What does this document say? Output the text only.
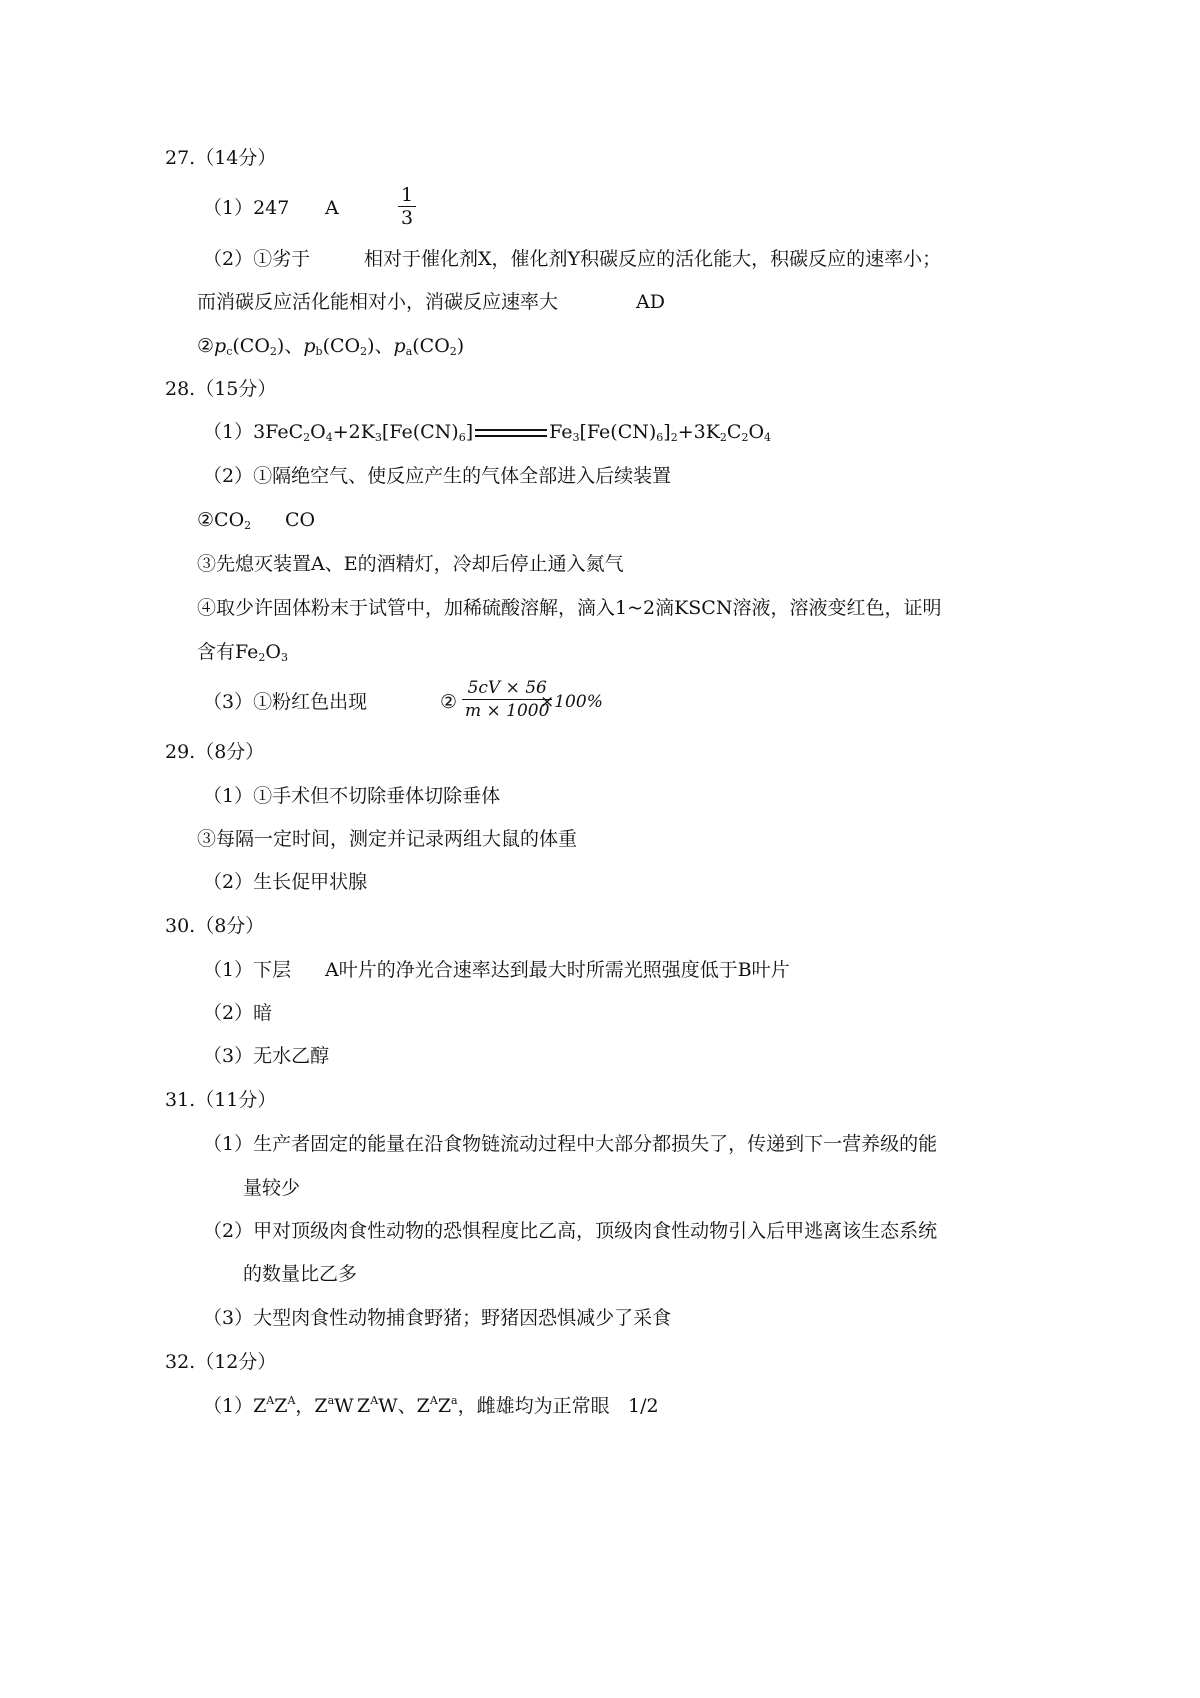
27.（14分）
（1）247 A	$\frac{1}{3}$
（2）①劣于	相对于催化剂X，催化剂Y积碳反应的活化能大，积碳反应的速率小；
而消碳反应活化能相对小，消碳反应速率大	AD
$②p_c(CO_2)$、$p_b(CO_2)$、$p_a(CO_2)$
28.（15分）
$(1)3FeC_2O_4+2K_3[Fe(CN)_6]$	$Fe_3[Fe(CN)_6]_2+3K_2C_2O_4$
（2）①隔绝空气、使反应产生的气体全部进入后续装置
$②CO_2$ CO
③先熄灭装置A、E的酒精灯，冷却后停止通入氮气
④取少许固体粉末于试管中，加稀硫酸溶解，滴入1~2滴KSCN溶液，溶液变红色，证明
含有$Fe_2O_3$
（3）①粉红色出现	② $\frac{5cV \times 56}{m \times 1000}$
×100%
29.（8分）
（1）①手术但不切除垂体切除垂体
③每隔一定时间，测定并记录两组大鼠的体重
（2）生长促甲状腺
30.（8分）
（1）下层 A叶片的净光合速率达到最大时所需光照强度低于B叶片
（2）暗
（3）无水乙醇
31.（11分）
（1）生产者固定的能量在沿食物链流动过程中大部分都损失了，传递到下一营养级的能
量较少
（2）甲对顶级肉食性动物的恐惧程度比乙高，顶级肉食性动物引入后甲逃离该生态系统
的数量比乙多
（3）大型肉食性动物捕食野猪；野猪因恐惧减少了采食
32.（12分）
$(1)Z^AZ^A$，$Z^aW$ $Z^AW$、$Z^AZ^a$，雌雄均为正常眼 1/2
